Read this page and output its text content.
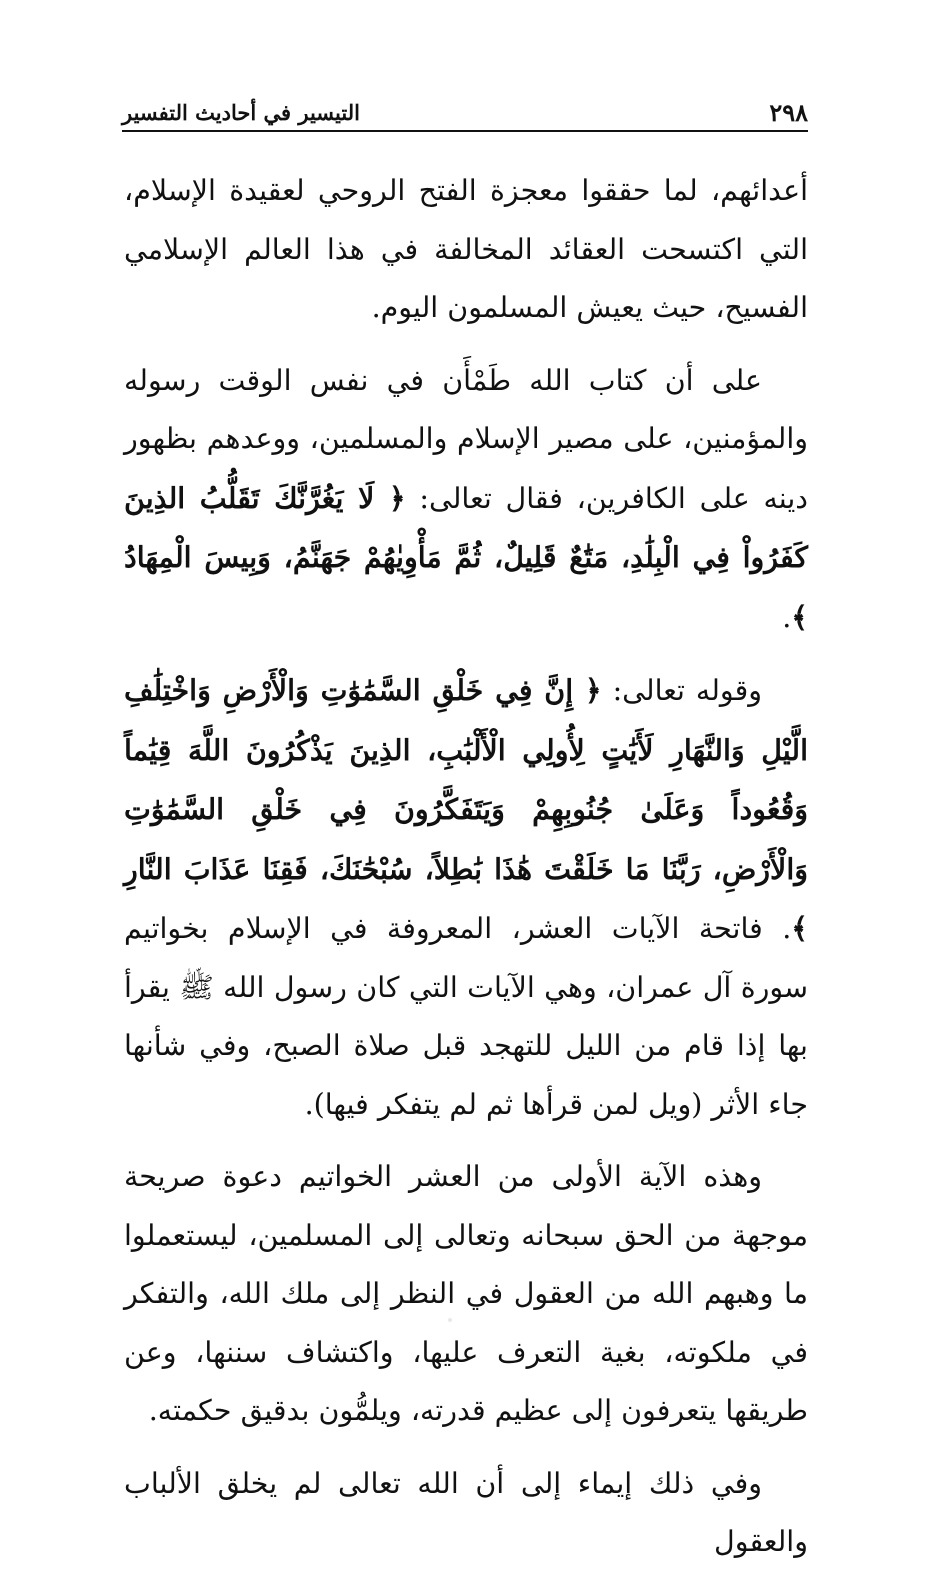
٢٩٨
التيسير في أحاديث التفسير

أعدائهم، لما حققوا معجزة الفتح الروحي لعقيدة الإسلام، التي اكتسحت العقائد المخالفة في هذا العالم الإسلامي الفسيح، حيث يعيش المسلمون اليوم.

على أن كتاب الله طَمْأَن في نفس الوقت رسوله والمؤمنين، على مصير الإسلام والمسلمين، ووعدهم بظهور دينه على الكافرين، فقال تعالى: ﴿ لَا يَغُرَّنَّكَ تَقَلُّبُ الذِينَ كَفَرُواْ فِي الْبِلَٰدِ، مَتَٰعٌ قَلِيلٌ، ثُمَّ مَأْوِيٰهُمْ جَهَنَّمُ، وَبِيسَ الْمِهَادُ ﴾.

وقوله تعالى: ﴿ إِنَّ فِي خَلْقِ السَّمَٰوَٰتِ وَالْأَرْضِ وَاخْتِلَٰفِ الَّيْلِ وَالنَّهَارِ لَأَيَٰتٍ لِأُولِي الْأَلْبَٰبِ، الذِينَ يَذْكُرُونَ اللَّهَ قِيَٰماً وَقُعُوداً وَعَلَىٰ جُنُوبِهِمْ وَيَتَفَكَّرُونَ فِي خَلْقِ السَّمَٰوَٰتِ وَالْأَرْضِ، رَبَّنَا مَا خَلَقْتَ هَٰذَا بَٰطِلاً، سُبْحَٰنَكَ، فَقِنَا عَذَابَ النَّارِ ﴾. فاتحة الآيات العشر، المعروفة في الإسلام بخواتيم سورة آل عمران، وهي الآيات التي كان رسول الله ﷺ يقرأ بها إذا قام من الليل للتهجد قبل صلاة الصبح، وفي شأنها جاء الأثر (ويل لمن قرأها ثم لم يتفكر فيها).

وهذه الآية الأولى من العشر الخواتيم دعوة صريحة موجهة من الحق سبحانه وتعالى إلى المسلمين، ليستعملوا ما وهبهم الله من العقول في النظر إلى ملك الله، والتفكر في ملكوته، بغية التعرف عليها، واكتشاف سننها، وعن طريقها يتعرفون إلى عظيم قدرته، ويلمُّون بدقيق حكمته.

وفي ذلك إيماء إلى أن الله تعالى لم يخلق الألباب والعقول
